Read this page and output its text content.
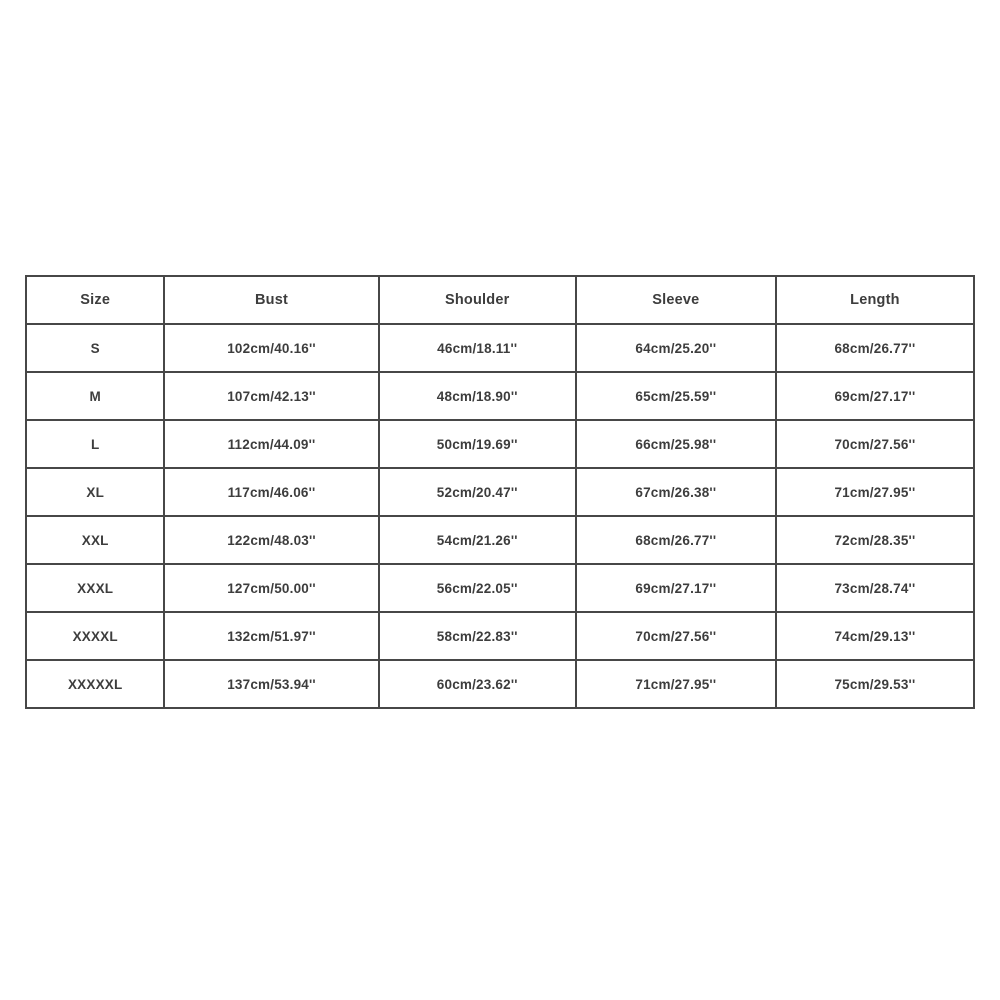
Size	Bust	Shoulder	Sleeve	Length
S	102cm/40.16''	46cm/18.11''	64cm/25.20''	68cm/26.77''
M	107cm/42.13''	48cm/18.90''	65cm/25.59''	69cm/27.17''
L	112cm/44.09''	50cm/19.69''	66cm/25.98''	70cm/27.56''
XL	117cm/46.06''	52cm/20.47''	67cm/26.38''	71cm/27.95''
XXL	122cm/48.03''	54cm/21.26''	68cm/26.77''	72cm/28.35''
XXXL	127cm/50.00''	56cm/22.05''	69cm/27.17''	73cm/28.74''
XXXXL	132cm/51.97''	58cm/22.83''	70cm/27.56''	74cm/29.13''
XXXXXL	137cm/53.94''	60cm/23.62''	71cm/27.95''	75cm/29.53''
